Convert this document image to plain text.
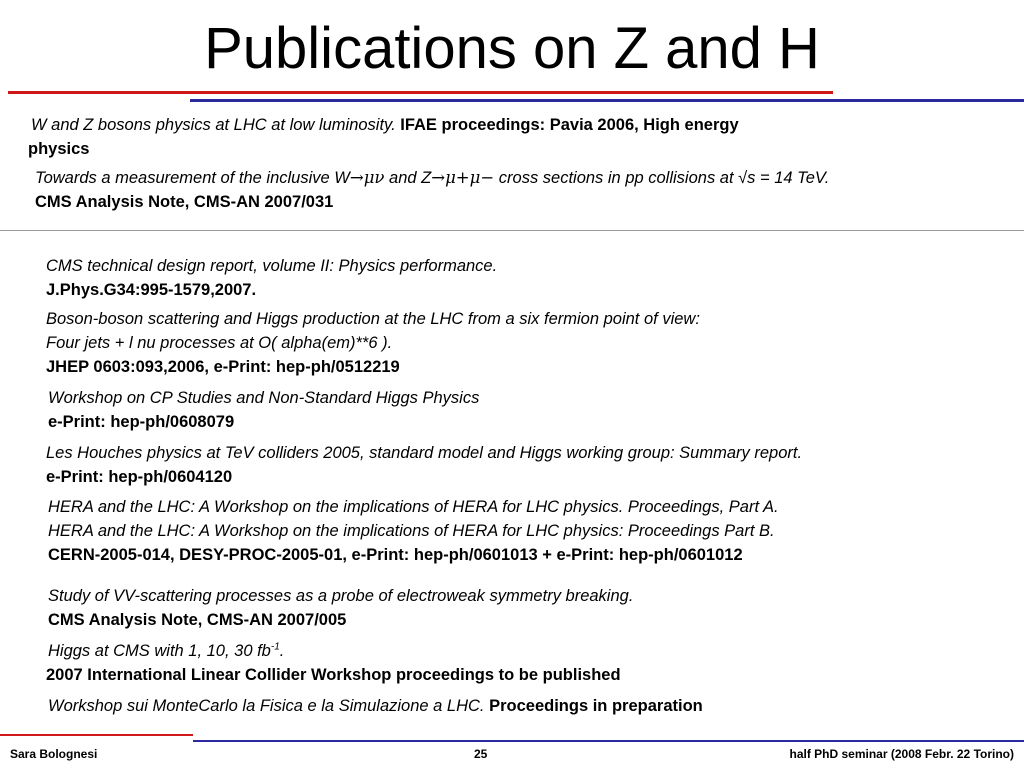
Publications on Z and H
W and Z bosons physics at LHC at low luminosity. IFAE proceedings: Pavia 2006, High energy
physics
Towards a measurement of the inclusive W→μν and Z→μ+μ− cross sections in pp collisions at √s = 14 TeV.
CMS Analysis Note, CMS-AN 2007/031
CMS technical design report, volume II: Physics performance.
J.Phys.G34:995-1579,2007.
Boson-boson scattering and Higgs production at the LHC from a six fermion point of view:
Four jets + l nu processes at O( alpha(em)**6 ).
JHEP 0603:093,2006, e-Print: hep-ph/0512219
Workshop on CP Studies and Non-Standard Higgs Physics
e-Print: hep-ph/0608079
Les Houches physics at TeV colliders 2005, standard model and Higgs working group: Summary report.
e-Print: hep-ph/0604120
HERA and the LHC: A Workshop on the implications of HERA for LHC physics. Proceedings, Part A.
HERA and the LHC: A Workshop on the implications of HERA for LHC physics: Proceedings Part B.
CERN-2005-014, DESY-PROC-2005-01, e-Print: hep-ph/0601013 + e-Print: hep-ph/0601012
Study of VV-scattering processes as a probe of electroweak symmetry breaking.
CMS Analysis Note, CMS-AN 2007/005
Higgs at CMS with 1, 10, 30 $fb^{-1}$.
2007 International Linear Collider Workshop proceedings to be published
Workshop sui MonteCarlo la Fisica e la Simulazione a LHC. Proceedings in preparation
Sara Bolognesi	25	half PhD seminar (2008 Febr. 22 Torino)
